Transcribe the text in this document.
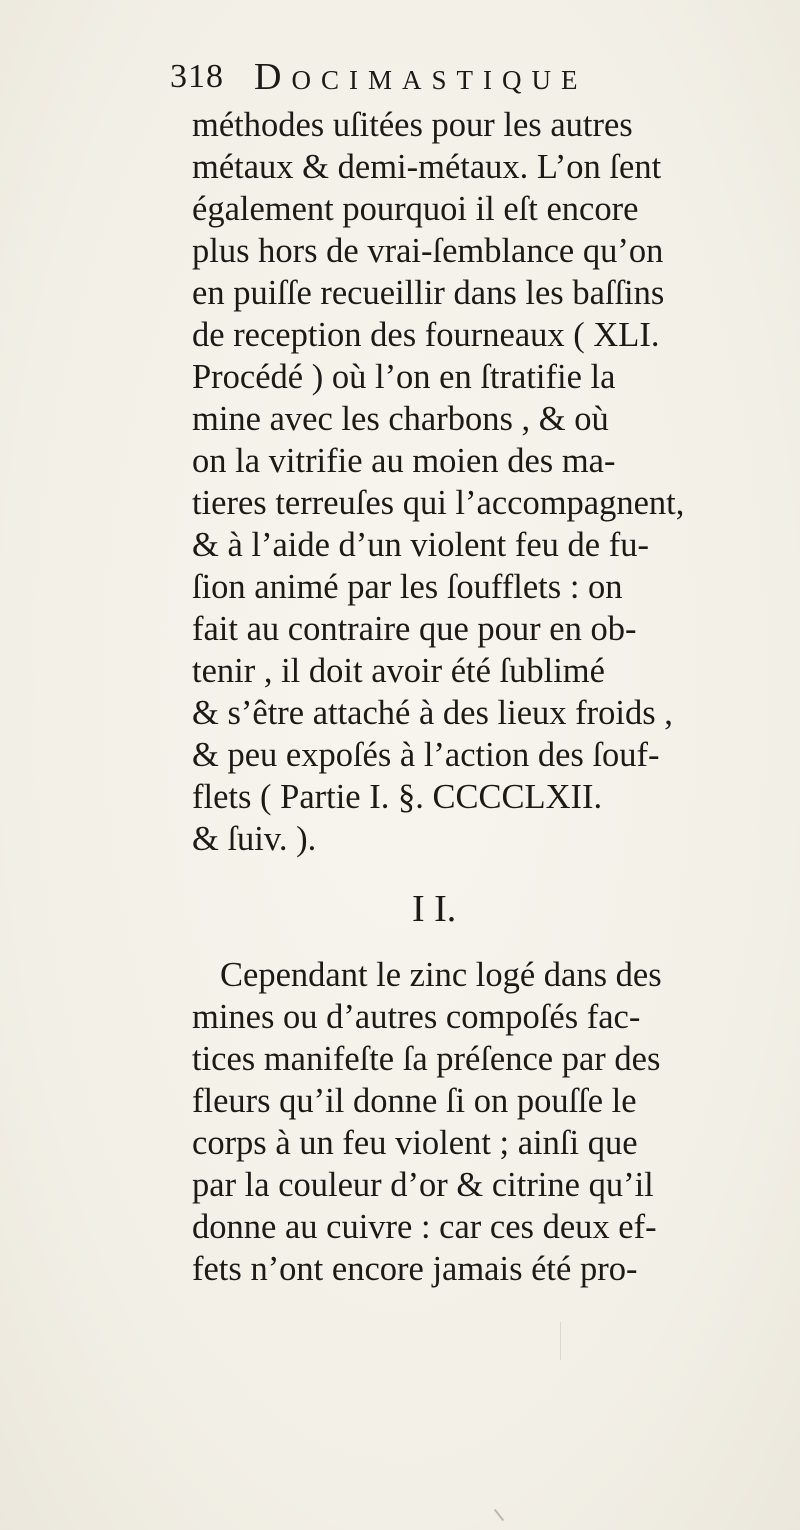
318 Docimastique
méthodes uſitées pour les autres
métaux & demi-métaux. L’on ſent
également pourquoi il eſt encore
plus hors de vrai-ſemblance qu’on
en puiſſe recueillir dans les baſſins
de reception des fourneaux ( XLI.
Procédé ) où l’on en ſtratifie la
mine avec les charbons , & où
on la vitrifie au moien des ma-
tieres terreuſes qui l’accompagnent,
& à l’aide d’un violent feu de fu-
ſion animé par les ſoufflets : on
fait au contraire que pour en ob-
tenir , il doit avoir été ſublimé
& s’être attaché à des lieux froids ,
& peu expoſés à l’action des ſouf-
flets ( Partie I. §. CCCCLXII.
& ſuiv. ).
I I.
Cependant le zinc logé dans des
mines ou d’autres compoſés fac-
tices manifeſte ſa préſence par des
fleurs qu’il donne ſi on pouſſe le
corps à un feu violent ; ainſi que
par la couleur d’or & citrine qu’il
donne au cuivre : car ces deux ef-
fets n’ont encore jamais été pro-
